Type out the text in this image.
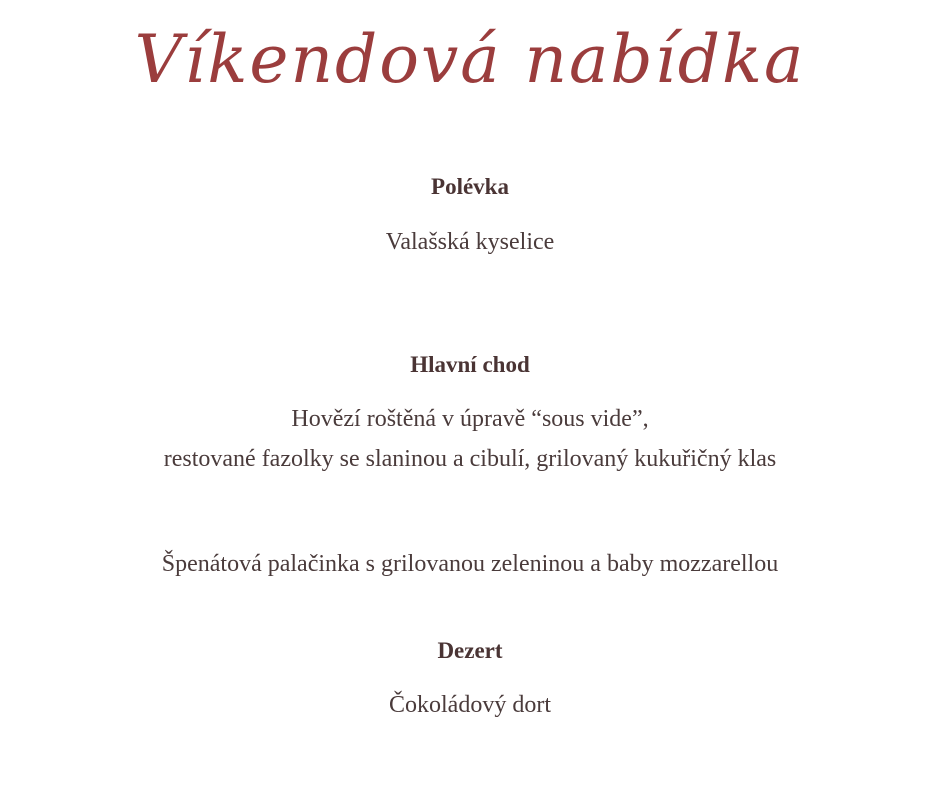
Víkendová nabídka
Polévka
Valašská kyselice
Hlavní chod
Hovězí roštěná v úpravě “sous vide”,
restované fazolky se slaninou a cibulí, grilovaný kukuřičný klas
Špenátová palačinka s grilovanou zeleninou a baby mozzarellou
Dezert
Čokoládový dort
